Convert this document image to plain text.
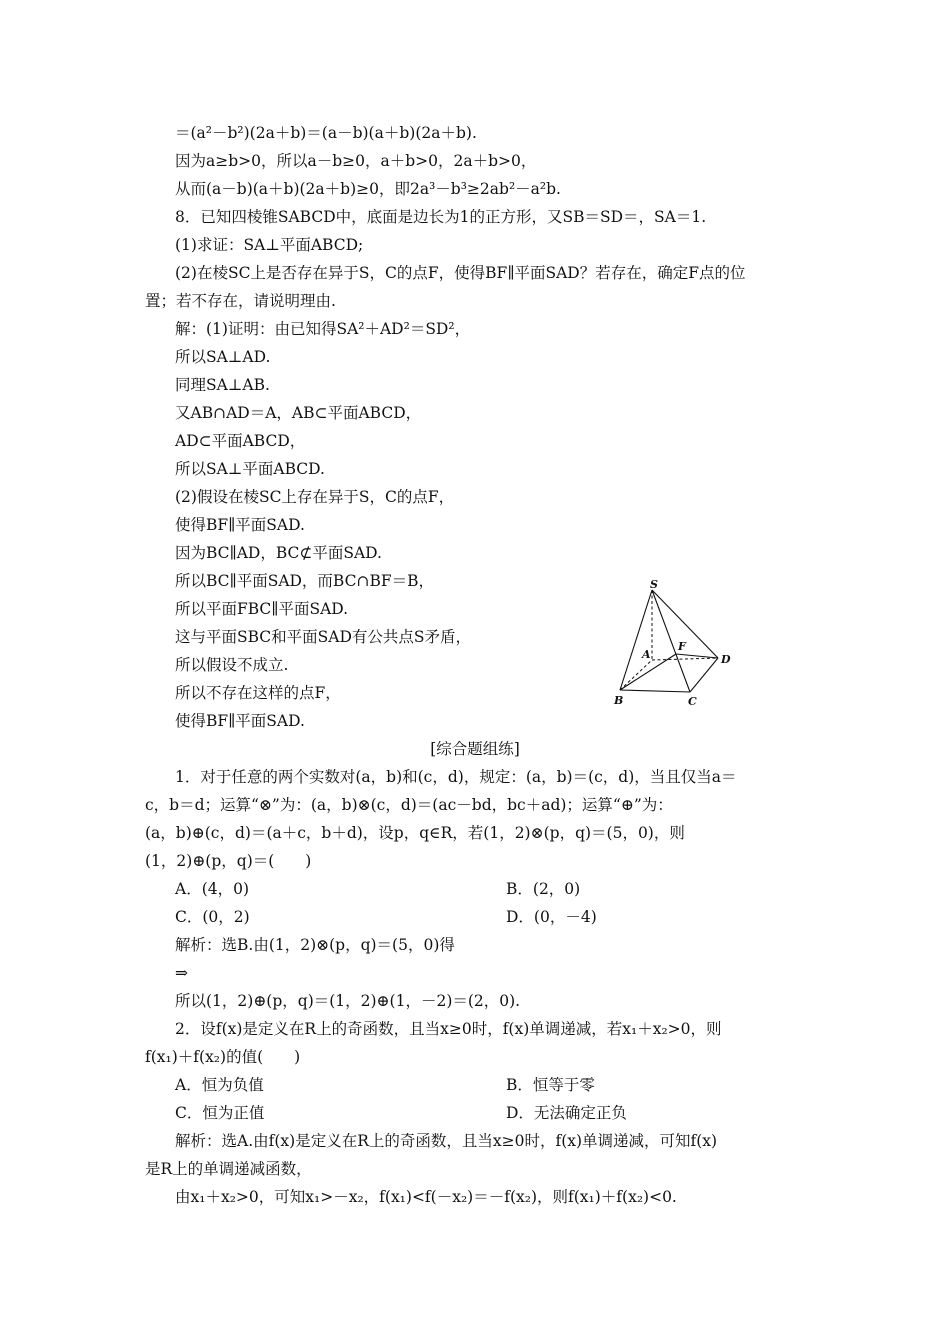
＝(a²－b²)(2a＋b)＝(a－b)(a＋b)(2a＋b).
因为a≥b>0，所以a－b≥0，a＋b>0，2a＋b>0，
从而(a－b)(a＋b)(2a＋b)≥0，即2a³－b³≥2ab²－a²b.
8．已知四棱锥SABCD中，底面是边长为1的正方形，又SB＝SD＝，SA＝1.
(1)求证：SA⊥平面ABCD;
(2)在棱SC上是否存在异于S，C的点F，使得BF∥平面SAD？若存在，确定F点的位
置；若不存在，请说明理由.
解：(1)证明：由已知得SA²＋AD²＝SD²，
所以SA⊥AD.
同理SA⊥AB.
又AB∩AD＝A，AB⊂平面ABCD，
AD⊂平面ABCD，
所以SA⊥平面ABCD.
(2)假设在棱SC上存在异于S，C的点F，
使得BF∥平面SAD.
因为BC∥AD，BC⊄平面SAD.
所以BC∥平面SAD，而BC∩BF＝B，
所以平面FBC∥平面SAD.
这与平面SBC和平面SAD有公共点S矛盾，
所以假设不成立.
所以不存在这样的点F，
使得BF∥平面SAD.
S
A
F
D
B	C
[综合题组练]
1．对于任意的两个实数对(a，b)和(c，d)，规定：(a，b)＝(c，d)，当且仅当a＝
c，b＝d；运算“⊗”为：(a，b)⊗(c，d)＝(ac－bd，bc＋ad)；运算“⊕”为：
(a，b)⊕(c，d)＝(a＋c，b＋d)，设p，q∈R，若(1，2)⊗(p，q)＝(5，0)，则
(1，2)⊕(p，q)＝(　　)
A．(4，0)	B．(2，0)
C．(0，2)	D．(0，－4)
解析：选B.由(1，2)⊗(p，q)＝(5，0)得
⇒
所以(1，2)⊕(p，q)＝(1，2)⊕(1，－2)＝(2，0).
2．设f(x)是定义在R上的奇函数，且当x≥0时，f(x)单调递减，若x₁＋x₂>0，则
f(x₁)＋f(x₂)的值(　　)
A．恒为负值	B．恒等于零
C．恒为正值	D．无法确定正负
解析：选A.由f(x)是定义在R上的奇函数，且当x≥0时，f(x)单调递减，可知f(x)
是R上的单调递减函数，
由x₁＋x₂>0，可知x₁>－x₂，f(x₁)<f(－x₂)＝－f(x₂)，则f(x₁)＋f(x₂)<0.
